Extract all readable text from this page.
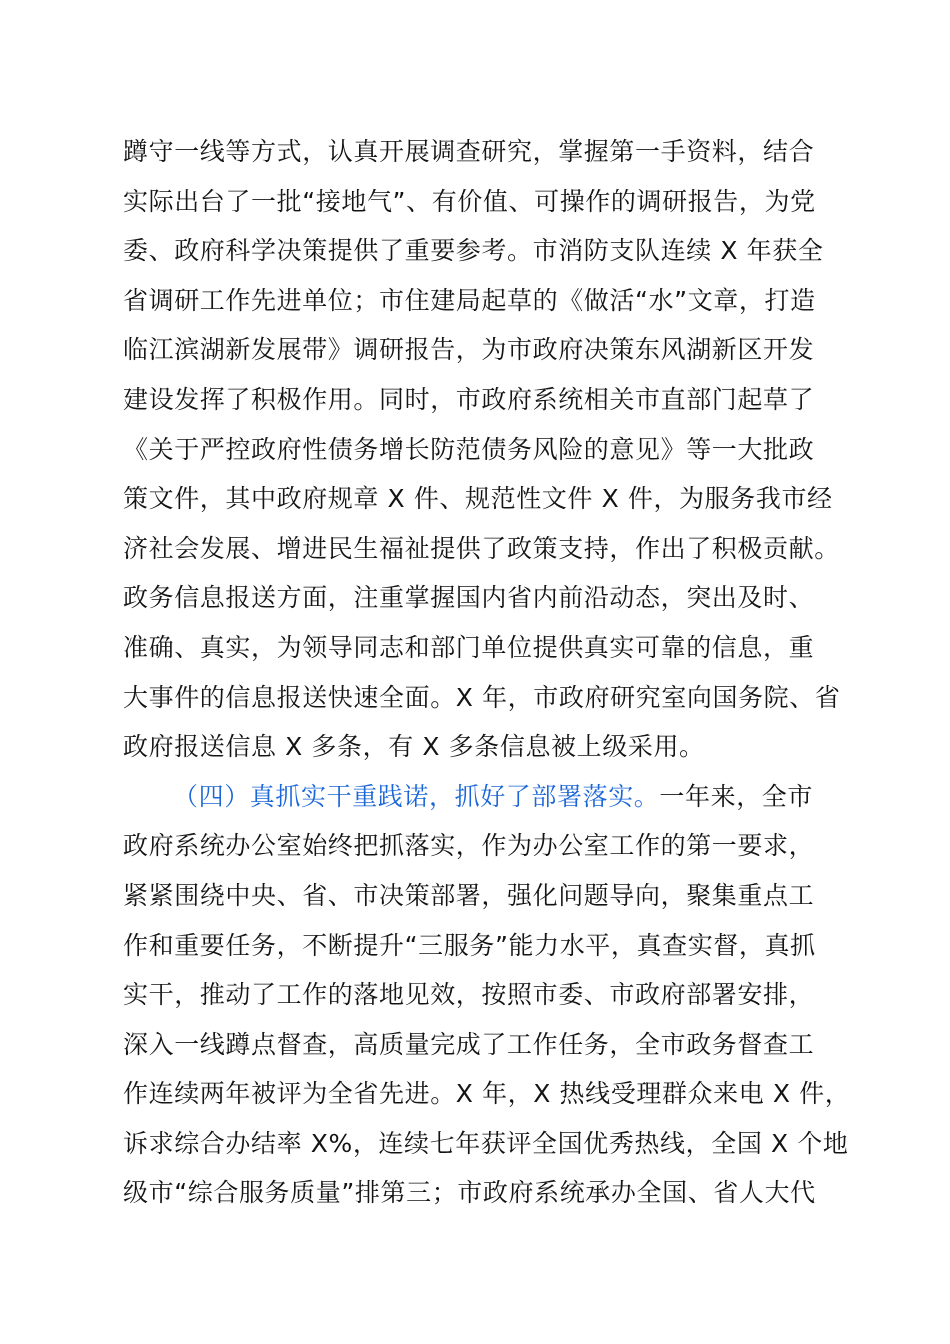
蹲守一线等方式，认真开展调查研究，掌握第一手资料，结合
实际出台了一批“接地气”、有价值、可操作的调研报告，为党
委、政府科学决策提供了重要参考。市消防支队连续 X 年获全
省调研工作先进单位；市住建局起草的《做活“水”文章，打造
临江滨湖新发展带》调研报告，为市政府决策东风湖新区开发
建设发挥了积极作用。同时，市政府系统相关市直部门起草了
《关于严控政府性债务增长防范债务风险的意见》等一大批政
策文件，其中政府规章 X 件、规范性文件 X 件，为服务我市经
济社会发展、增进民生福祉提供了政策支持，作出了积极贡献。
政务信息报送方面，注重掌握国内省内前沿动态，突出及时、
准确、真实，为领导同志和部门单位提供真实可靠的信息，重
大事件的信息报送快速全面。X 年，市政府研究室向国务院、省
政府报送信息 X 多条，有 X 多条信息被上级采用。
（四）真抓实干重践诺，抓好了部署落实。一年来，全市
政府系统办公室始终把抓落实，作为办公室工作的第一要求，
紧紧围绕中央、省、市决策部署，强化问题导向，聚集重点工
作和重要任务，不断提升“三服务”能力水平，真查实督，真抓
实干，推动了工作的落地见效，按照市委、市政府部署安排，
深入一线蹲点督查，高质量完成了工作任务，全市政务督查工
作连续两年被评为全省先进。X 年，X 热线受理群众来电 X 件，
诉求综合办结率 X%，连续七年获评全国优秀热线，全国 X 个地
级市“综合服务质量”排第三；市政府系统承办全国、省人大代
